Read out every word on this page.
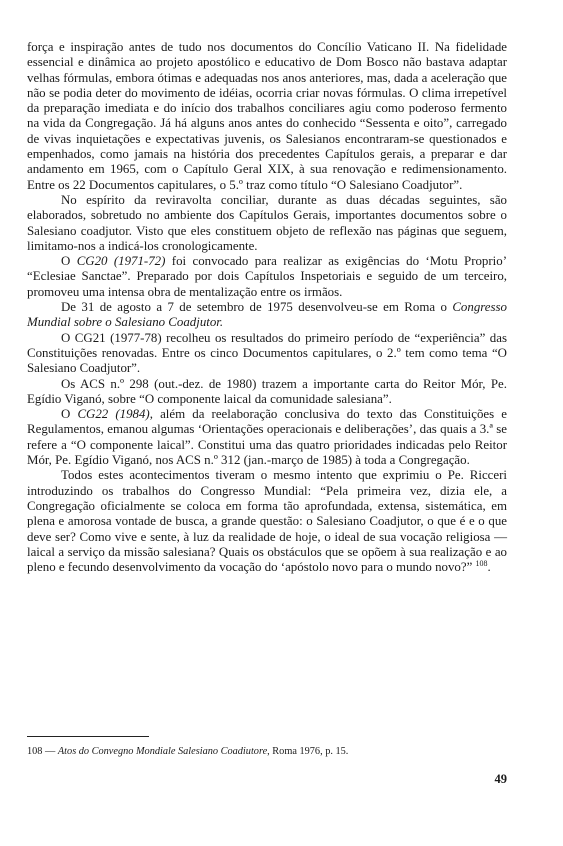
força e inspiração antes de tudo nos documentos do Concílio Vaticano II. Na fidelidade essencial e dinâmica ao projeto apostólico e educativo de Dom Bosco não bastava adaptar velhas fórmulas, embora ótimas e adequadas nos anos anteriores, mas, dada a aceleração que não se podia deter do movimento de idéias, ocorria criar novas fórmulas. O clima irrepetível da preparação imediata e do início dos trabalhos conciliares agiu como poderoso fermento na vida da Congregação. Já há alguns anos antes do conhecido “Sessenta e oito”, carregado de vivas inquietações e expectativas juvenis, os Salesianos encontraram-se questionados e empenhados, como jamais na história dos precedentes Capítulos gerais, a preparar e dar andamento em 1965, com o Capítulo Geral XIX, à sua renovação e redimensionamento. Entre os 22 Documentos capitulares, o 5.º traz como título “O Salesiano Coadjutor”.

No espírito da reviravolta conciliar, durante as duas décadas seguintes, são elaborados, sobretudo no ambiente dos Capítulos Gerais, importantes documentos sobre o Salesiano coadjutor. Visto que eles constituem objeto de reflexão nas páginas que seguem, limitamo-nos a indicá-los cronologicamente.

O CG20 (1971-72) foi convocado para realizar as exigências do ‘Motu Proprio’ “Eclesiae Sanctae”. Preparado por dois Capítulos Inspetoriais e seguido de um terceiro, promoveu uma intensa obra de mentalização entre os irmãos.

De 31 de agosto a 7 de setembro de 1975 desenvolveu-se em Roma o Congresso Mundial sobre o Salesiano Coadjutor.

O CG21 (1977-78) recolheu os resultados do primeiro período de “experiência” das Constituições renovadas. Entre os cinco Documentos capitulares, o 2.º tem como tema “O Salesiano Coadjutor”.

Os ACS n.º 298 (out.-dez. de 1980) trazem a importante carta do Reitor Mór, Pe. Egídio Viganó, sobre “O componente laical da comunidade salesiana”.

O CG22 (1984), além da reelaboração conclusiva do texto das Constituições e Regulamentos, emanou algumas ‘Orientações operacionais e deliberações’, das quais a 3.ª se refere a “O componente laical”. Constitui uma das quatro prioridades indicadas pelo Reitor Mór, Pe. Egídio Viganó, nos ACS n.º 312 (jan.-março de 1985) à toda a Congregação.

Todos estes acontecimentos tiveram o mesmo intento que exprimiu o Pe. Ricceri introduzindo os trabalhos do Congresso Mundial: “Pela primeira vez, dizia ele, a Congregação oficialmente se coloca em forma tão aprofundada, extensa, sistemática, em plena e amorosa vontade de busca, a grande questão: o Salesiano Coadjutor, o que é e o que deve ser? Como vive e sente, à luz da realidade de hoje, o ideal de sua vocação religiosa — laical a serviço da missão salesiana? Quais os obstáculos que se opõem à sua realização e ao pleno e fecundo desenvolvimento da vocação do ‘apóstolo novo para o mundo novo?” $^{108}$.

108 — Atos do Convegno Mondiale Salesiano Coadiutore, Roma 1976, p. 15.
49
